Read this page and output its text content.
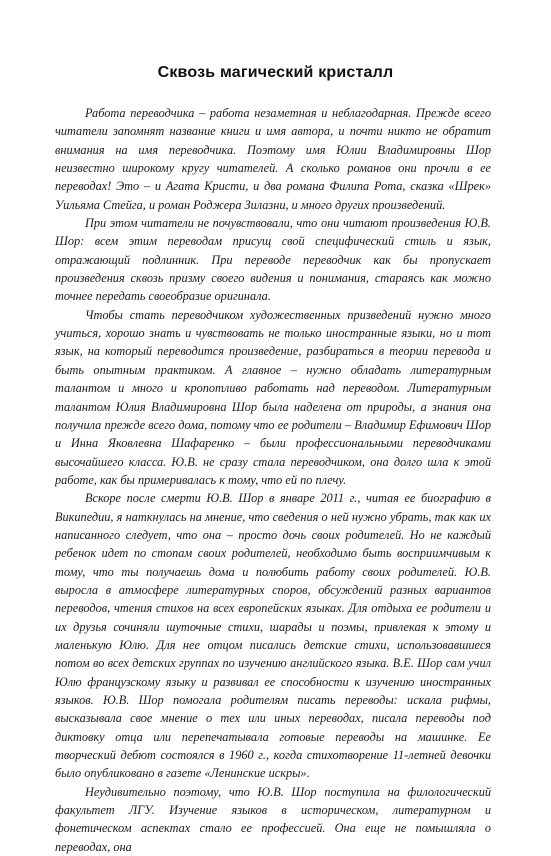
Сквозь магический кристалл

Работа переводчика – работа незаметная и неблагодарная. Прежде всего читатели запомнят название книги и имя автора, и почти никто не обратит внимания на имя переводчика. Поэтому имя Юлии Владимировны Шор неизвестно широкому кругу читателей. А сколько романов они прочли в ее переводах! Это – и Агата Кристи, и два романа Филипа Рота, сказка «Шрек» Уильяма Стейга, и роман Роджера Зилазни, и много других произведений.

При этом читатели не почувствовали, что они читают произведения Ю.В. Шор: всем этим переводам присущ свой специфический стиль и язык, отражающий подлинник. При переводе переводчик как бы пропускает произведения сквозь призму своего видения и понимания, стараясь как можно точнее передать своеобразие оригинала.

Чтобы стать переводчиком художественных призведений нужно много учиться, хорошо знать и чувствовать не только иностранные языки, но и тот язык, на который переводится произведение, разбираться в теории перевода и быть опытным практиком. А главное – нужно обладать литературным талантом и много и кропотливо работать над переводом. Литературным талантом Юлия Владимировна Шор была наделена от природы, а знания она получила прежде всего дома, потому что ее родители – Владимир Ефимович Шор и Инна Яковлевна Шафаренко – были профессиональными переводчиками высочайшего класса. Ю.В. не сразу стала переводчиком, она долго шла к этой работе, как бы примеривалась к тому, что ей по плечу.

Вскоре после смерти Ю.В. Шор в январе 2011 г., читая ее биографию в Википедии, я наткнулась на мнение, что сведения о ней нужно убрать, так как их написанного следует, что она – просто дочь своих родителей. Но не каждый ребенок идет по стопам своих родителей, необходимо быть восприимчивым к тому, что ты получаешь дома и полюбить работу своих родителей. Ю.В. выросла в атмосфере литературных споров, обсуждений разных вариантов переводов, чтения стихов на всех европейских языках. Для отдыха ее родители и их друзья сочиняли шуточные стихи, шарады и поэмы, привлекая к этому и маленькую Юлю. Для нее отцом писались детские стихи, использовавшиеся потом во всех детских группах по изучению английского языка. В.Е. Шор сам учил Юлю французскому языку и развивал ее способности к изучению иностранных языков. Ю.В. Шор помогала родителям писать переводы: искала рифмы, высказывала свое мнение о тех или иных переводах, писала переводы под диктовку отца или перепечатывала готовые переводы на машинке. Ее творческий дебют состоялся в 1960 г., когда стихотворение 11-летней девочки было опубликовано в газете «Ленинские искры».

Неудивительно поэтому, что Ю.В. Шор поступила на филологический факультет ЛГУ. Изучение языков в историческом, литературном и фонетическом аспектах стало ее профессией. Она еще не помышляла о переводах, она
